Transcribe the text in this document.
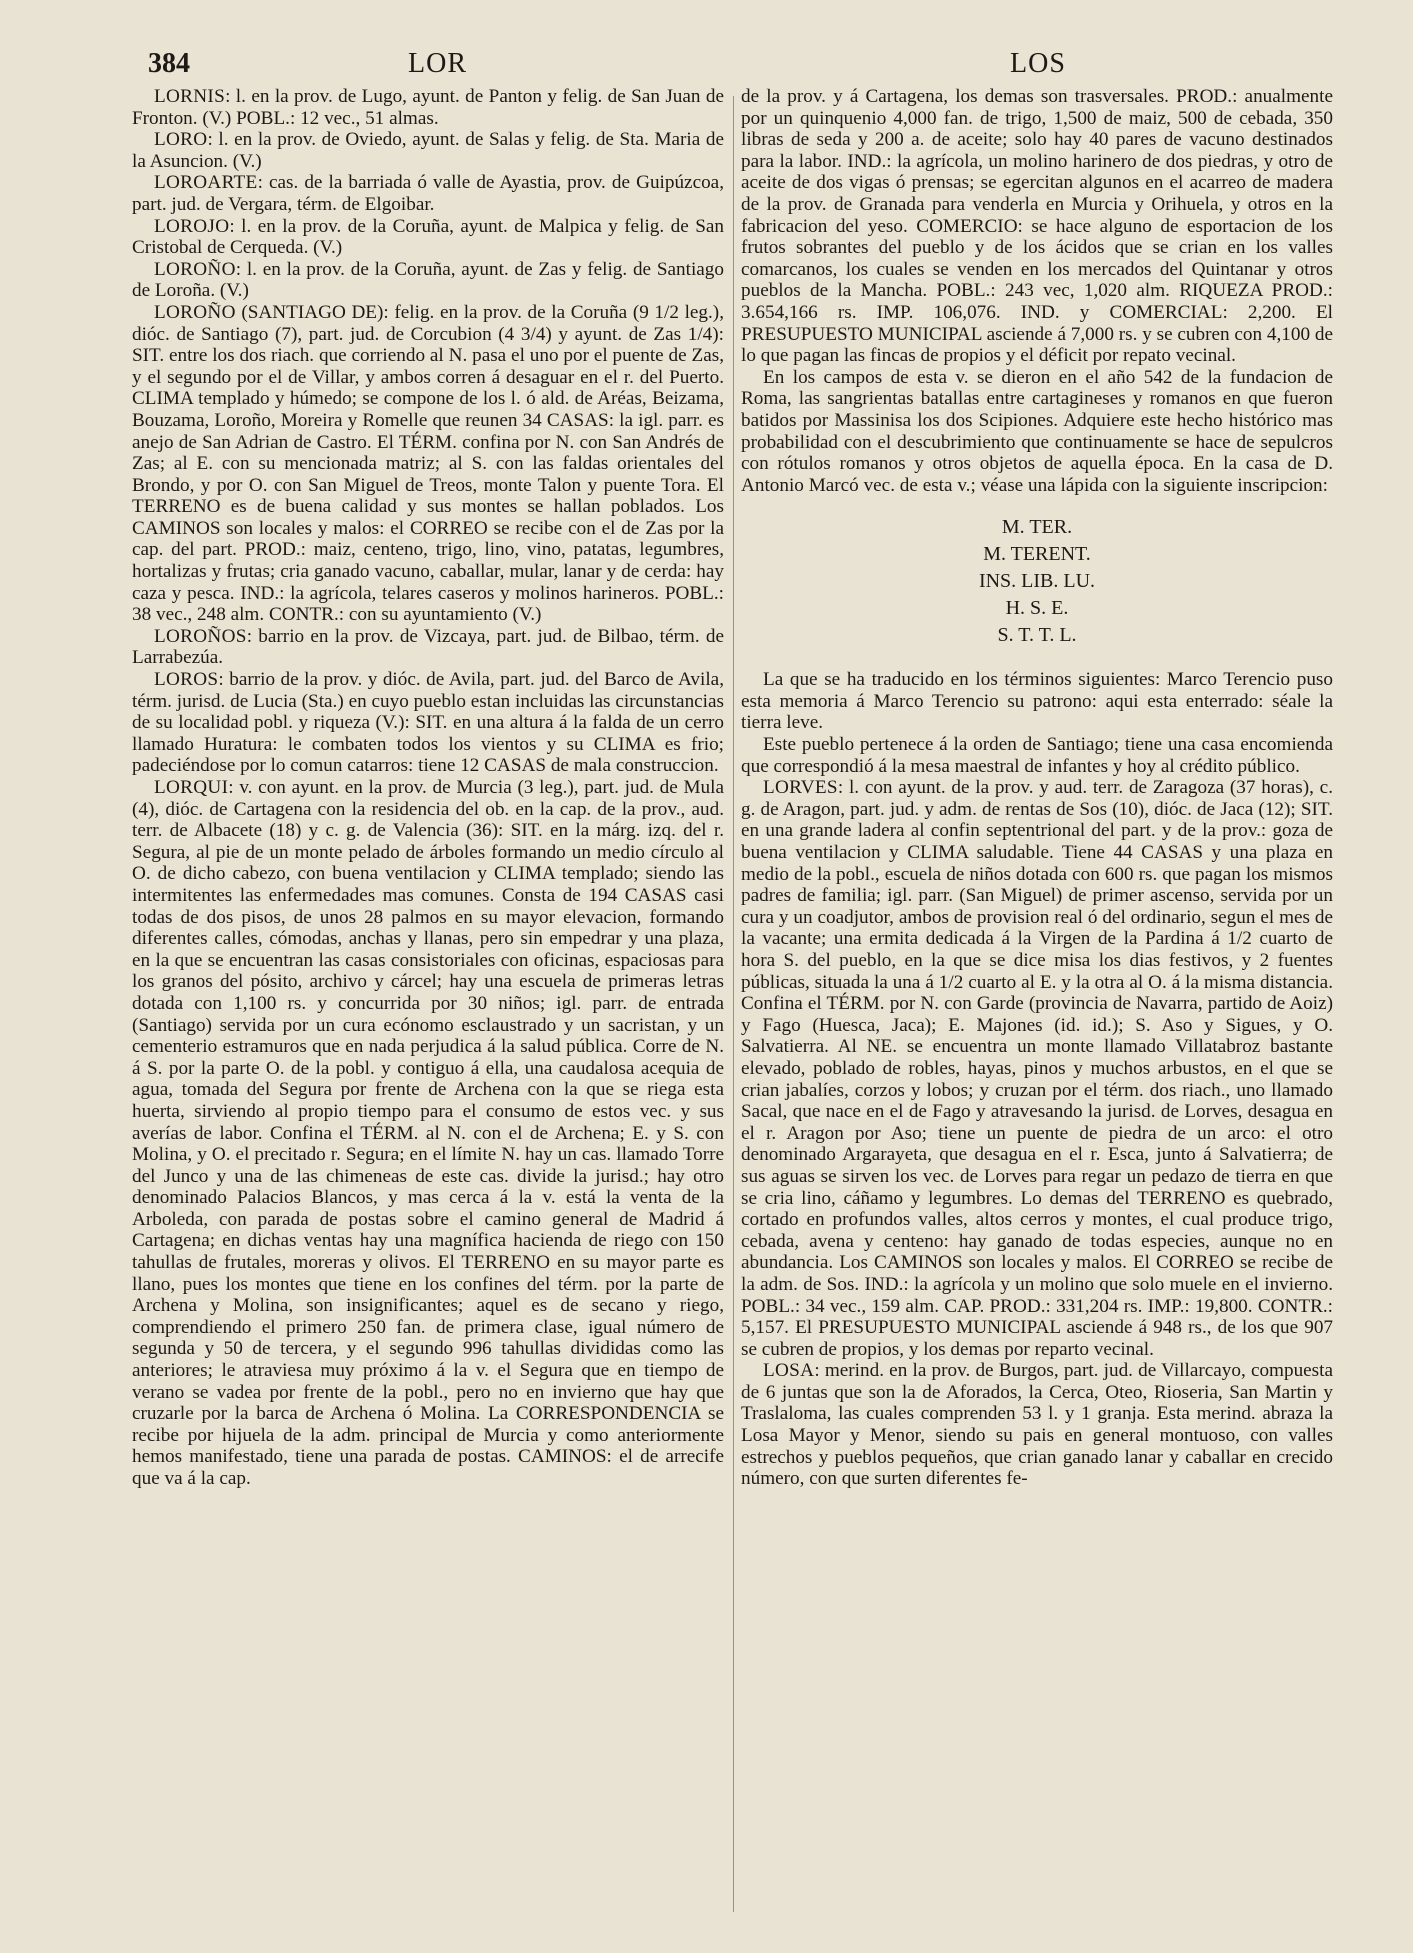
384	LOR	LOS

LORNIS: l. en la prov. de Lugo, ayunt. de Panton y felig. de San Juan de Fronton. (V.) POBL.: 12 vec., 51 almas.

LORO: l. en la prov. de Oviedo, ayunt. de Salas y felig. de Sta. Maria de la Asuncion. (V.)

LOROARTE: cas. de la barriada ó valle de Ayastia, prov. de Guipúzcoa, part. jud. de Vergara, térm. de Elgoibar.

LOROJO: l. en la prov. de la Coruña, ayunt. de Malpica y felig. de San Cristobal de Cerqueda. (V.)

LOROÑO: l. en la prov. de la Coruña, ayunt. de Zas y felig. de Santiago de Loroña. (V.)

LOROÑO (SANTIAGO DE): felig. en la prov. de la Coruña (9 1/2 leg.), dióc. de Santiago (7), part. jud. de Corcubion (4 3/4) y ayunt. de Zas 1/4): SIT. entre los dos riach. que corriendo al N. pasa el uno por el puente de Zas, y el segundo por el de Villar, y ambos corren á desaguar en el r. del Puerto. CLIMA templado y húmedo; se compone de los l. ó ald. de Aréas, Beizama, Bouzama, Loroño, Moreira y Romelle que reunen 34 CASAS: la igl. parr. es anejo de San Adrian de Castro. El TÉRM. confina por N. con San Andrés de Zas; al E. con su mencionada matriz; al S. con las faldas orientales del Brondo, y por O. con San Miguel de Treos, monte Talon y puente Tora. El TERRENO es de buena calidad y sus montes se hallan poblados. Los CAMINOS son locales y malos: el CORREO se recibe con el de Zas por la cap. del part. PROD.: maiz, centeno, trigo, lino, vino, patatas, legumbres, hortalizas y frutas; cria ganado vacuno, caballar, mular, lanar y de cerda: hay caza y pesca. IND.: la agrícola, telares caseros y molinos harineros. POBL.: 38 vec., 248 alm. CONTR.: con su ayuntamiento (V.)

LOROÑOS: barrio en la prov. de Vizcaya, part. jud. de Bilbao, térm. de Larrabezúa.

LOROS: barrio de la prov. y dióc. de Avila, part. jud. del Barco de Avila, térm. jurisd. de Lucia (Sta.) en cuyo pueblo estan incluidas las circunstancias de su localidad pobl. y riqueza (V.): SIT. en una altura á la falda de un cerro llamado Huratura: le combaten todos los vientos y su CLIMA es frio; padeciéndose por lo comun catarros: tiene 12 CASAS de mala construccion.

LORQUI: v. con ayunt. en la prov. de Murcia (3 leg.), part. jud. de Mula (4), dióc. de Cartagena con la residencia del ob. en la cap. de la prov., aud. terr. de Albacete (18) y c. g. de Valencia (36): SIT. en la márg. izq. del r. Segura, al pie de un monte pelado de árboles formando un medio círculo al O. de dicho cabezo, con buena ventilacion y CLIMA templado; siendo las intermitentes las enfermedades mas comunes. Consta de 194 CASAS casi todas de dos pisos, de unos 28 palmos en su mayor elevacion, formando diferentes calles, cómodas, anchas y llanas, pero sin empedrar y una plaza, en la que se encuentran las casas consistoriales con oficinas, espaciosas para los granos del pósito, archivo y cárcel; hay una escuela de primeras letras dotada con 1,100 rs. y concurrida por 30 niños; igl. parr. de entrada (Santiago) servida por un cura ecónomo esclaustrado y un sacristan, y un cementerio estramuros que en nada perjudica á la salud pública. Corre de N. á S. por la parte O. de la pobl. y contiguo á ella, una caudalosa acequia de agua, tomada del Segura por frente de Archena con la que se riega esta huerta, sirviendo al propio tiempo para el consumo de estos vec. y sus averías de labor. Confina el TÉRM. al N. con el de Archena; E. y S. con Molina, y O. el precitado r. Segura; en el límite N. hay un cas. llamado Torre del Junco y una de las chimeneas de este cas. divide la jurisd.; hay otro denominado Palacios Blancos, y mas cerca á la v. está la venta de la Arboleda, con parada de postas sobre el camino general de Madrid á Cartagena; en dichas ventas hay una magnífica hacienda de riego con 150 tahullas de frutales, moreras y olivos. El TERRENO en su mayor parte es llano, pues los montes que tiene en los confines del térm. por la parte de Archena y Molina, son insignificantes; aquel es de secano y riego, comprendiendo el primero 250 fan. de primera clase, igual número de segunda y 50 de tercera, y el segundo 996 tahullas divididas como las anteriores; le atraviesa muy próximo á la v. el Segura que en tiempo de verano se vadea por frente de la pobl., pero no en invierno que hay que cruzarle por la barca de Archena ó Molina. La CORRESPONDENCIA se recibe por hijuela de la adm. principal de Murcia y como anteriormente hemos manifestado, tiene una parada de postas. CAMINOS: el de arrecife que va á la cap.

de la prov. y á Cartagena, los demas son trasversales. PROD.: anualmente por un quinquenio 4,000 fan. de trigo, 1,500 de maiz, 500 de cebada, 350 libras de seda y 200 a. de aceite; solo hay 40 pares de vacuno destinados para la labor. IND.: la agrícola, un molino harinero de dos piedras, y otro de aceite de dos vigas ó prensas; se egercitan algunos en el acarreo de madera de la prov. de Granada para venderla en Murcia y Orihuela, y otros en la fabricacion del yeso. COMERCIO: se hace alguno de esportacion de los frutos sobrantes del pueblo y de los ácidos que se crian en los valles comarcanos, los cuales se venden en los mercados del Quintanar y otros pueblos de la Mancha. POBL.: 243 vec, 1,020 alm. RIQUEZA PROD.: 3.654,166 rs. IMP. 106,076. IND. y COMERCIAL: 2,200. El PRESUPUESTO MUNICIPAL asciende á 7,000 rs. y se cubren con 4,100 de lo que pagan las fincas de propios y el déficit por repato vecinal.

En los campos de esta v. se dieron en el año 542 de la fundacion de Roma, las sangrientas batallas entre cartagineses y romanos en que fueron batidos por Massinisa los dos Scipiones. Adquiere este hecho histórico mas probabilidad con el descubrimiento que continuamente se hace de sepulcros con rótulos romanos y otros objetos de aquella época. En la casa de D. Antonio Marcó vec. de esta v.; véase una lápida con la siguiente inscripcion:

M. TER.
M. TERENT.
INS. LIB. LU.
H. S. E.
S. T. T. L.

La que se ha traducido en los términos siguientes: Marco Terencio puso esta memoria á Marco Terencio su patrono: aqui esta enterrado: séale la tierra leve.

Este pueblo pertenece á la orden de Santiago; tiene una casa encomienda que correspondió á la mesa maestral de infantes y hoy al crédito público.

LORVES: l. con ayunt. de la prov. y aud. terr. de Zaragoza (37 horas), c. g. de Aragon, part. jud. y adm. de rentas de Sos (10), dióc. de Jaca (12); SIT. en una grande ladera al confin septentrional del part. y de la prov.: goza de buena ventilacion y CLIMA saludable. Tiene 44 CASAS y una plaza en medio de la pobl., escuela de niños dotada con 600 rs. que pagan los mismos padres de familia; igl. parr. (San Miguel) de primer ascenso, servida por un cura y un coadjutor, ambos de provision real ó del ordinario, segun el mes de la vacante; una ermita dedicada á la Virgen de la Pardina á 1/2 cuarto de hora S. del pueblo, en la que se dice misa los dias festivos, y 2 fuentes públicas, situada la una á 1/2 cuarto al E. y la otra al O. á la misma distancia. Confina el TÉRM. por N. con Garde (provincia de Navarra, partido de Aoiz) y Fago (Huesca, Jaca); E. Majones (id. id.); S. Aso y Sigues, y O. Salvatierra. Al NE. se encuentra un monte llamado Villatabroz bastante elevado, poblado de robles, hayas, pinos y muchos arbustos, en el que se crian jabalíes, corzos y lobos; y cruzan por el térm. dos riach., uno llamado Sacal, que nace en el de Fago y atravesando la jurisd. de Lorves, desagua en el r. Aragon por Aso; tiene un puente de piedra de un arco: el otro denominado Argarayeta, que desagua en el r. Esca, junto á Salvatierra; de sus aguas se sirven los vec. de Lorves para regar un pedazo de tierra en que se cria lino, cáñamo y legumbres. Lo demas del TERRENO es quebrado, cortado en profundos valles, altos cerros y montes, el cual produce trigo, cebada, avena y centeno: hay ganado de todas especies, aunque no en abundancia. Los CAMINOS son locales y malos. El CORREO se recibe de la adm. de Sos. IND.: la agrícola y un molino que solo muele en el invierno. POBL.: 34 vec., 159 alm. CAP. PROD.: 331,204 rs. IMP.: 19,800. CONTR.: 5,157. El PRESUPUESTO MUNICIPAL asciende á 948 rs., de los que 907 se cubren de propios, y los demas por reparto vecinal.

LOSA: merind. en la prov. de Burgos, part. jud. de Villarcayo, compuesta de 6 juntas que son la de Aforados, la Cerca, Oteo, Rioseria, San Martin y Traslaloma, las cuales comprenden 53 l. y 1 granja. Esta merind. abraza la Losa Mayor y Menor, siendo su pais en general montuoso, con valles estrechos y pueblos pequeños, que crian ganado lanar y caballar en crecido número, con que surten diferentes fe-
